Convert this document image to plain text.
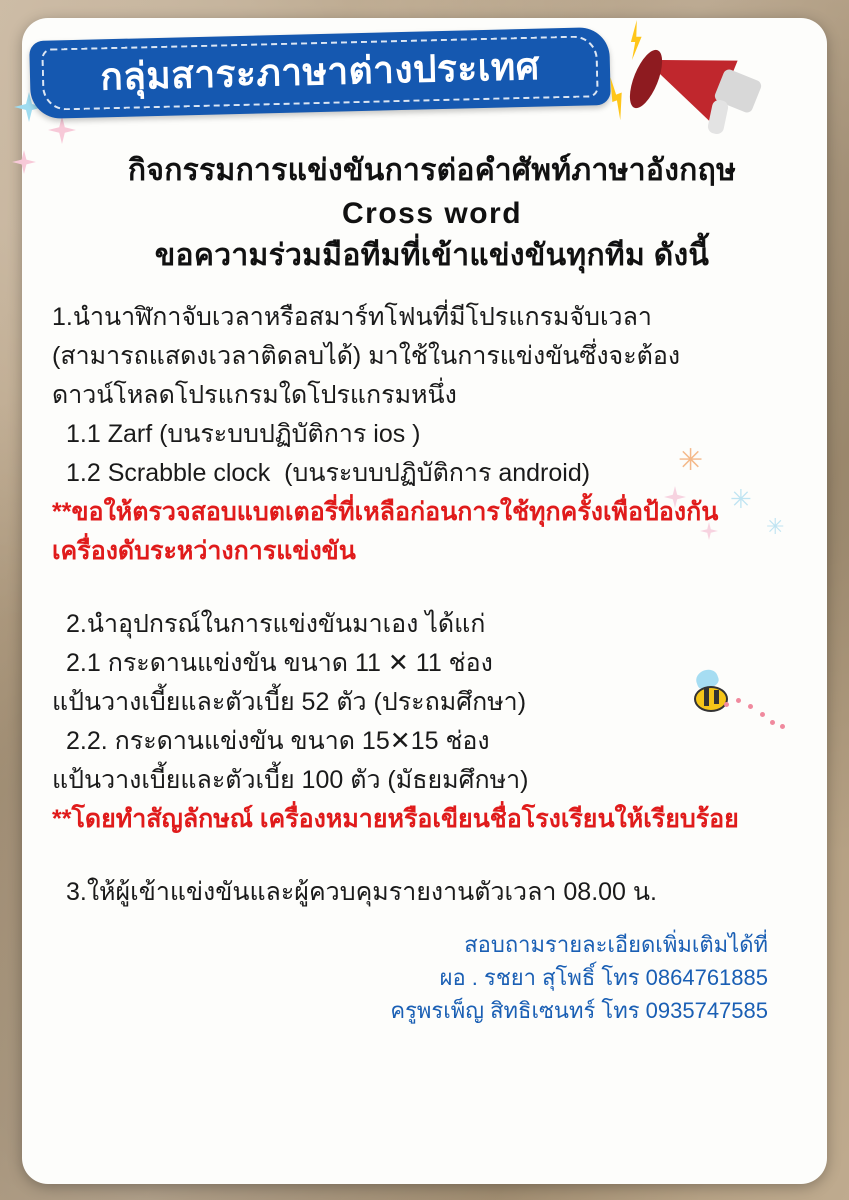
กลุ่มสาระภาษาต่างประเทศ
✳
✳
✳
กิจกรรมการแข่งขันการต่อคำศัพท์ภาษาอังกฤษ
Cross word
ขอความร่วมมือทีมที่เข้าแข่งขันทุกทีม ดังนี้
1.นำนาฬิกาจับเวลาหรือสมาร์ทโฟนที่มีโปรแกรมจับเวลา
(สามารถแสดงเวลาติดลบได้) มาใช้ในการแข่งขันซึ่งจะต้อง
ดาวน์โหลดโปรแกรมใดโปรแกรมหนึ่ง
1.1 Zarf (บนระบบปฏิบัติการ ios )
1.2 Scrabble clock  (บนระบบปฏิบัติการ android)
**ขอให้ตรวจสอบแบตเตอรี่ที่เหลือก่อนการใช้ทุกครั้งเพื่อป้องกัน
เครื่องดับระหว่างการแข่งขัน
2.นำอุปกรณ์ในการแข่งขันมาเอง ได้แก่
2.1 กระดานแข่งขัน ขนาด 11 ✕ 11 ช่อง
แป้นวางเบี้ยและตัวเบี้ย 52 ตัว (ประถมศึกษา)
2.2. กระดานแข่งขัน ขนาด 15✕15 ช่อง
แป้นวางเบี้ยและตัวเบี้ย 100 ตัว (มัธยมศึกษา)
**โดยทำสัญลักษณ์ เครื่องหมายหรือเขียนชื่อโรงเรียนให้เรียบร้อย
3.ให้ผู้เข้าแข่งขันและผู้ควบคุมรายงานตัวเวลา 08.00 น.
สอบถามรายละเอียดเพิ่มเติมได้ที่
ผอ . รชยา สุโพธิ์ โทร 0864761885
ครูพรเพ็ญ สิทธิเซนทร์ โทร 0935747585
